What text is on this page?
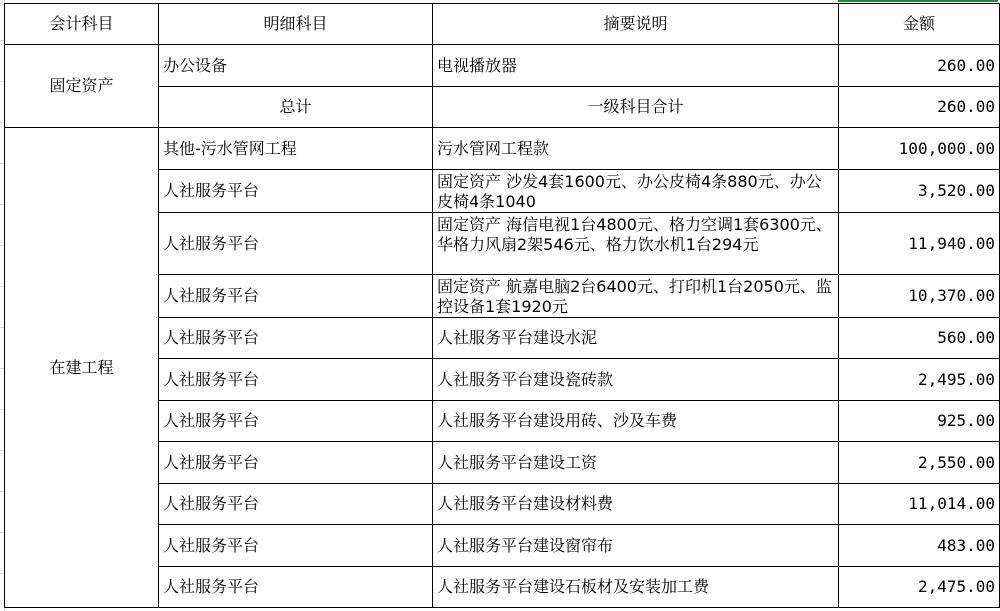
会计科目	明细科目	摘要说明	金额
固定资产	办公设备	电视播放器	260.00
	总计	一级科目合计	260.00
在建工程	其他-污水管网工程	污水管网工程款	100,000.00
	人社服务平台	固定资产 沙发4套1600元、办公皮椅4条880元、办公皮椅4条1040	3,520.00
	人社服务平台	固定资产 海信电视1台4800元、格力空调1套6300元、华格力风扇2架546元、格力饮水机1台294元	11,940.00
	人社服务平台	固定资产 航嘉电脑2台6400元、打印机1台2050元、监控设备1套1920元	10,370.00
	人社服务平台	人社服务平台建设水泥	560.00
	人社服务平台	人社服务平台建设瓷砖款	2,495.00
	人社服务平台	人社服务平台建设用砖、沙及车费	925.00
	人社服务平台	人社服务平台建设工资	2,550.00
	人社服务平台	人社服务平台建设材料费	11,014.00
	人社服务平台	人社服务平台建设窗帘布	483.00
	人社服务平台	人社服务平台建设石板材及安装加工费	2,475.00
